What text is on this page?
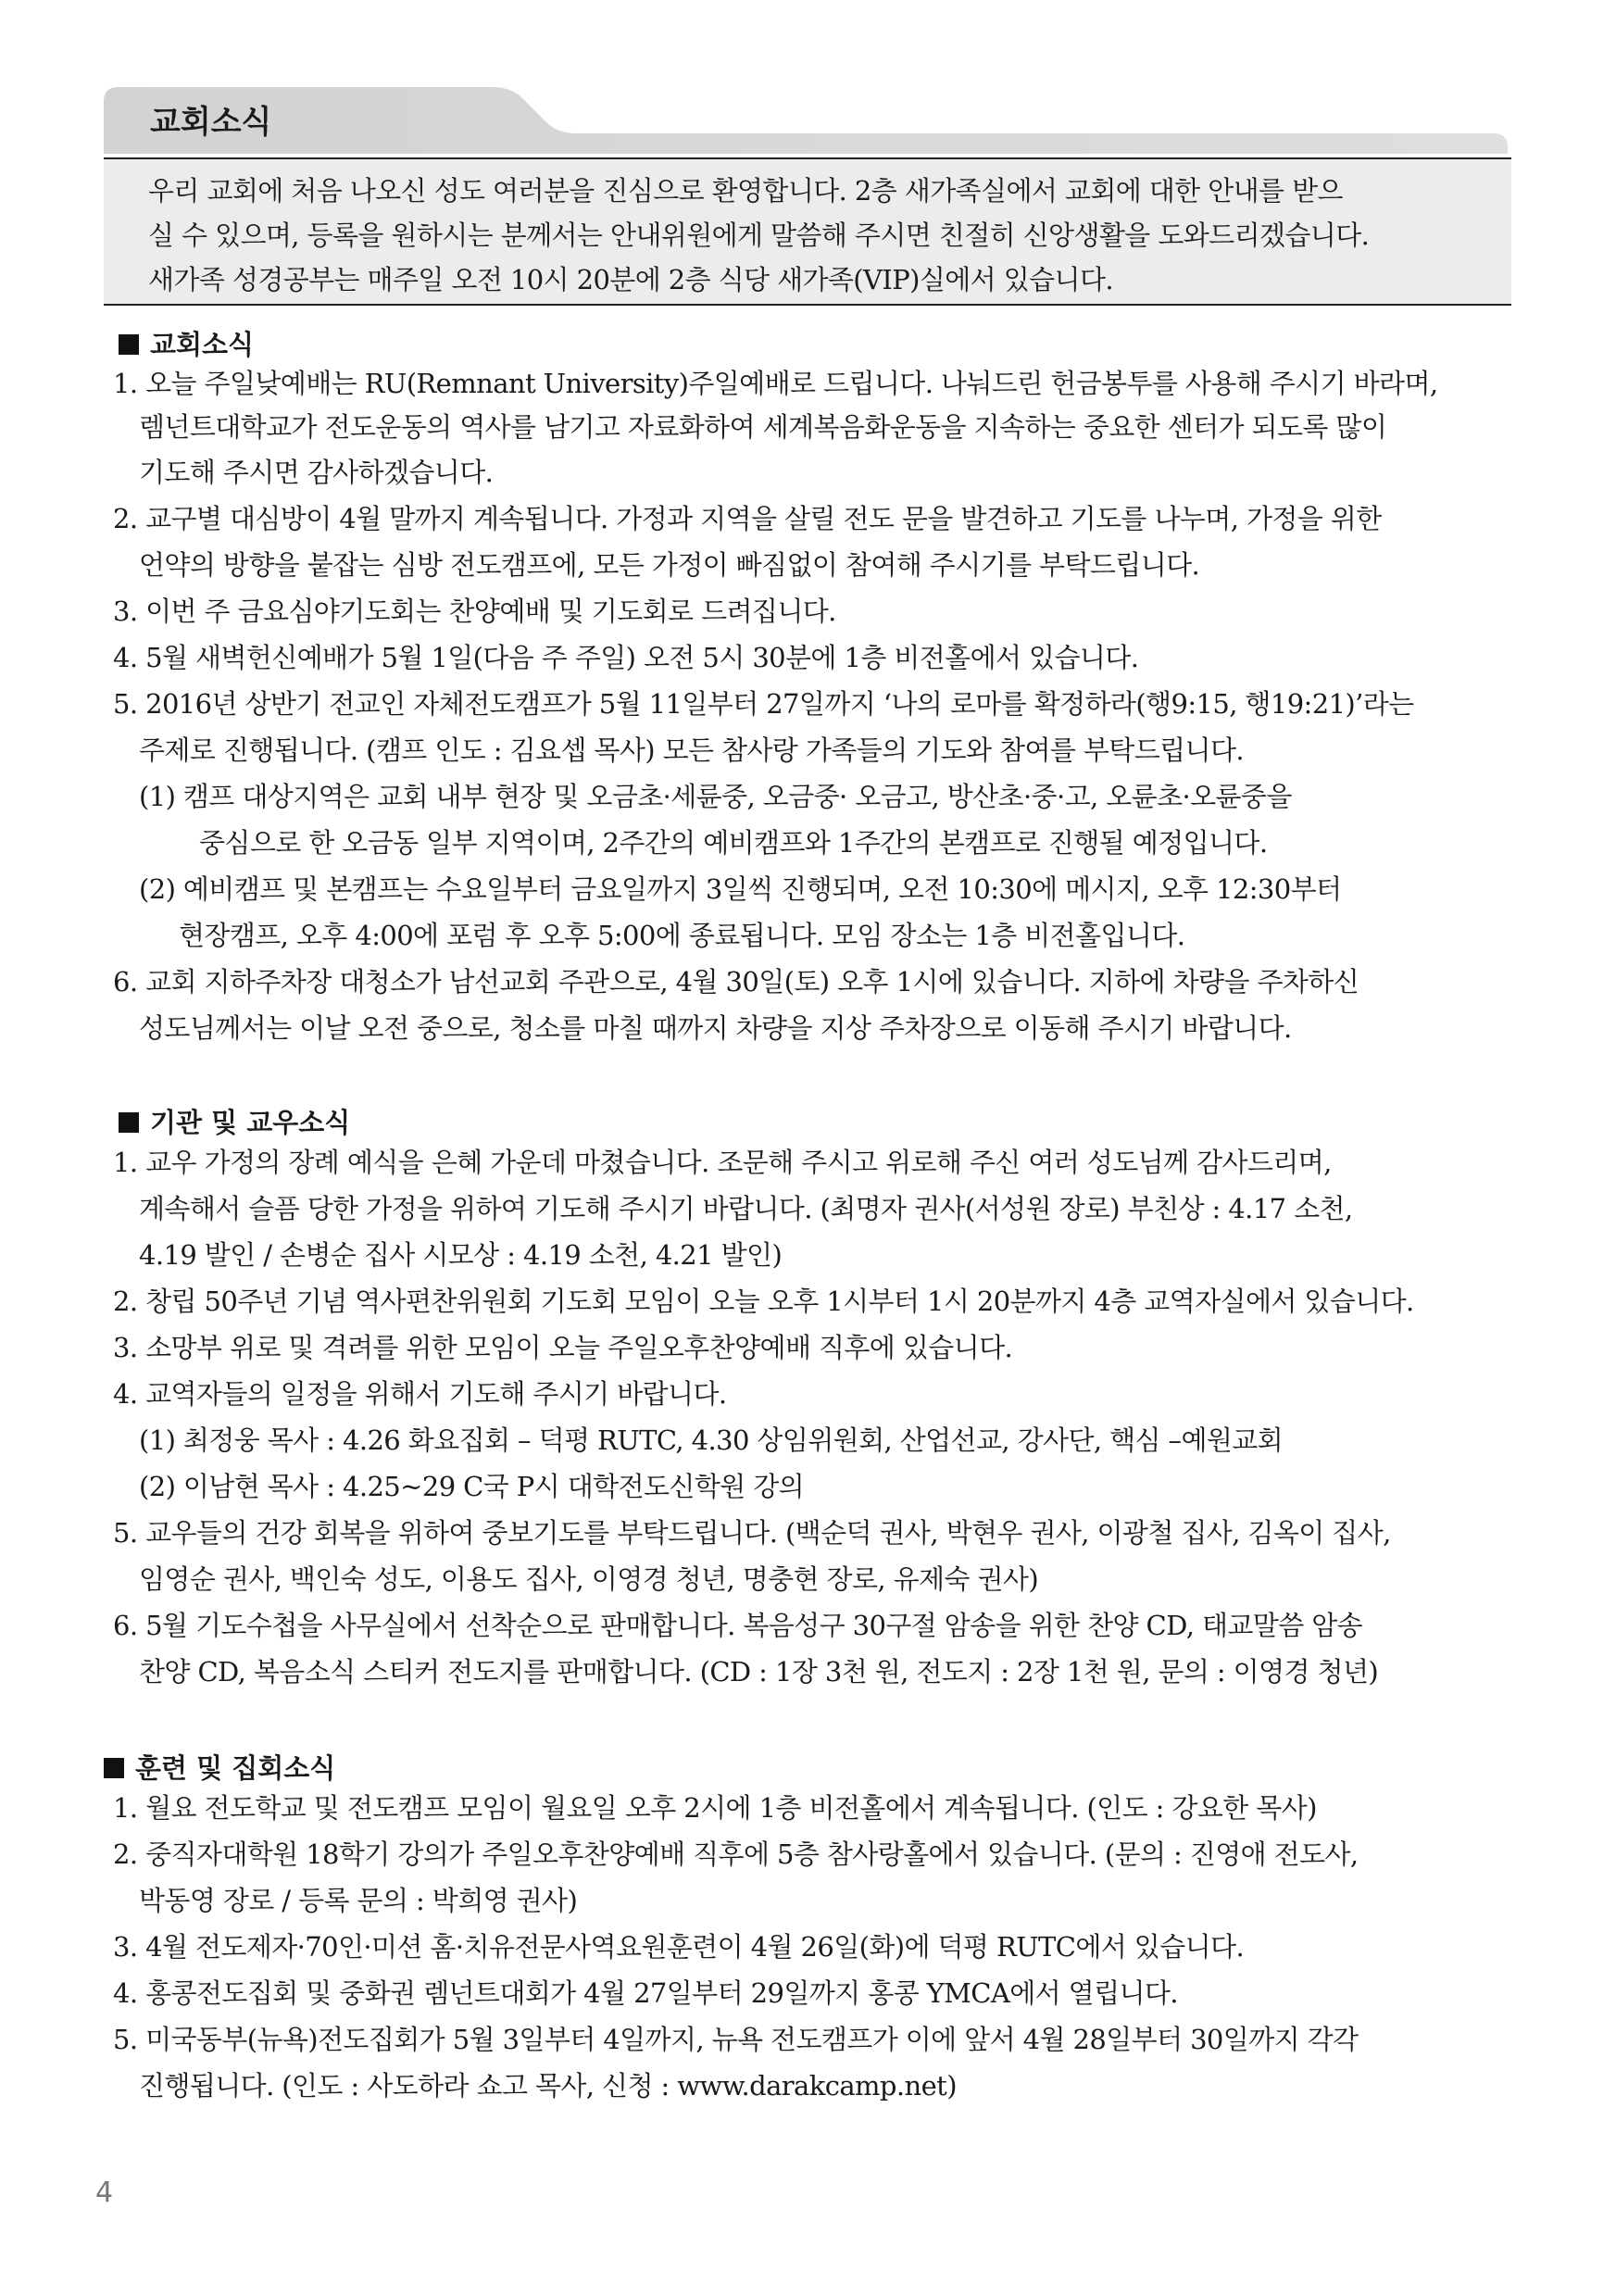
교회소식
우리 교회에 처음 나오신 성도 여러분을 진심으로 환영합니다. 2층 새가족실에서 교회에 대한 안내를 받으
실 수 있으며, 등록을 원하시는 분께서는 안내위원에게 말씀해 주시면 친절히 신앙생활을 도와드리겠습니다.
새가족 성경공부는 매주일 오전 10시 20분에 2층 식당 새가족(VIP)실에서 있습니다.
교회소식
1. 오늘 주일낮예배는 RU(Remnant University)주일예배로 드립니다. 나눠드린 헌금봉투를 사용해 주시기 바라며,
렘넌트대학교가 전도운동의 역사를 남기고 자료화하여 세계복음화운동을 지속하는 중요한 센터가 되도록 많이
기도해 주시면 감사하겠습니다.
2. 교구별 대심방이 4월 말까지 계속됩니다. 가정과 지역을 살릴 전도 문을 발견하고 기도를 나누며, 가정을 위한
언약의 방향을 붙잡는 심방 전도캠프에, 모든 가정이 빠짐없이 참여해 주시기를 부탁드립니다.
3. 이번 주 금요심야기도회는 찬양예배 및 기도회로 드려집니다.
4. 5월 새벽헌신예배가 5월 1일(다음 주 주일) 오전 5시 30분에 1층 비전홀에서 있습니다.
5. 2016년 상반기 전교인 자체전도캠프가 5월 11일부터 27일까지 ‘나의 로마를 확정하라(행9:15, 행19:21)’라는
주제로 진행됩니다. (캠프 인도 : 김요셉 목사) 모든 참사랑 가족들의 기도와 참여를 부탁드립니다.
(1) 캠프 대상지역은 교회 내부 현장 및 오금초·세륜중, 오금중· 오금고, 방산초·중·고, 오륜초·오륜중을
중심으로 한 오금동 일부 지역이며, 2주간의 예비캠프와 1주간의 본캠프로 진행될 예정입니다.
(2) 예비캠프 및 본캠프는 수요일부터 금요일까지 3일씩 진행되며, 오전 10:30에 메시지, 오후 12:30부터
현장캠프, 오후 4:00에 포럼 후 오후 5:00에 종료됩니다. 모임 장소는 1층 비전홀입니다.
6. 교회 지하주차장 대청소가 남선교회 주관으로, 4월 30일(토) 오후 1시에 있습니다. 지하에 차량을 주차하신
성도님께서는 이날 오전 중으로, 청소를 마칠 때까지 차량을 지상 주차장으로 이동해 주시기 바랍니다.
기관 및 교우소식
1. 교우 가정의 장례 예식을 은혜 가운데 마쳤습니다. 조문해 주시고 위로해 주신 여러 성도님께 감사드리며,
계속해서 슬픔 당한 가정을 위하여 기도해 주시기 바랍니다. (최명자 권사(서성원 장로) 부친상 : 4.17 소천,
4.19 발인 / 손병순 집사 시모상 : 4.19 소천, 4.21 발인)
2. 창립 50주년 기념 역사편찬위원회 기도회 모임이 오늘 오후 1시부터 1시 20분까지 4층 교역자실에서 있습니다.
3. 소망부 위로 및 격려를 위한 모임이 오늘 주일오후찬양예배 직후에 있습니다.
4. 교역자들의 일정을 위해서 기도해 주시기 바랍니다.
(1) 최정웅 목사 : 4.26 화요집회 – 덕평 RUTC, 4.30 상임위원회, 산업선교, 강사단, 핵심 –예원교회
(2) 이남현 목사 : 4.25~29 C국 P시 대학전도신학원 강의
5. 교우들의 건강 회복을 위하여 중보기도를 부탁드립니다. (백순덕 권사, 박현우 권사, 이광철 집사, 김옥이 집사,
임영순 권사, 백인숙 성도, 이용도 집사, 이영경 청년, 명충현 장로, 유제숙 권사)
6. 5월 기도수첩을 사무실에서 선착순으로 판매합니다. 복음성구 30구절 암송을 위한 찬양 CD, 태교말씀 암송
찬양 CD, 복음소식 스티커 전도지를 판매합니다. (CD : 1장 3천 원, 전도지 : 2장 1천 원, 문의 : 이영경 청년)
훈련 및 집회소식
1. 월요 전도학교 및 전도캠프 모임이 월요일 오후 2시에 1층 비전홀에서 계속됩니다. (인도 : 강요한 목사)
2. 중직자대학원 18학기 강의가 주일오후찬양예배 직후에 5층 참사랑홀에서 있습니다. (문의 : 진영애 전도사,
박동영 장로 / 등록 문의 : 박희영 권사)
3. 4월 전도제자·70인·미션 홈·치유전문사역요원훈련이 4월 26일(화)에 덕평 RUTC에서 있습니다.
4. 홍콩전도집회 및 중화권 렘넌트대회가 4월 27일부터 29일까지 홍콩 YMCA에서 열립니다.
5. 미국동부(뉴욕)전도집회가 5월 3일부터 4일까지, 뉴욕 전도캠프가 이에 앞서 4월 28일부터 30일까지 각각
진행됩니다. (인도 : 사도하라 쇼고 목사, 신청 : www.darakcamp.net)
4
